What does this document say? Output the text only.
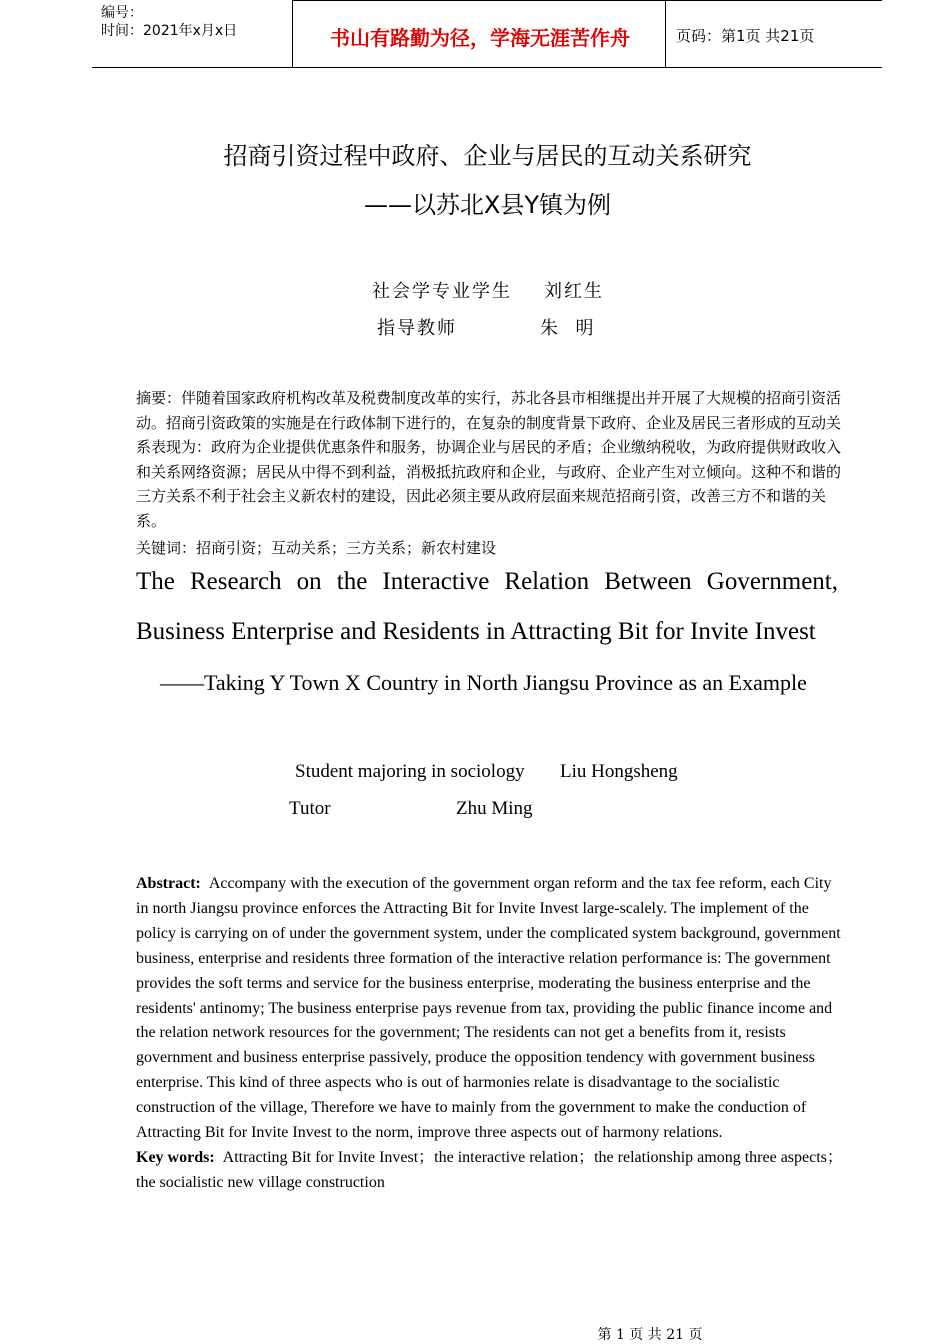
编号：
时间：2021年x月x日	书山有路勤为径，学海无涯苦作舟	页码：第1页 共21页
招商引资过程中政府、企业与居民的互动关系研究
——以苏北X县Y镇为例
社会学专业学生 刘红生
指导教师	朱  明
摘要：伴随着国家政府机构改革及税费制度改革的实行，苏北各县市相继提出并开展了大规模的招商引资活动。招商引资政策的实施是在行政体制下进行的，在复杂的制度背景下政府、企业及居民三者形成的互动关系表现为：政府为企业提供优惠条件和服务，协调企业与居民的矛盾；企业缴纳税收，为政府提供财政收入和关系网络资源；居民从中得不到利益，消极抵抗政府和企业，与政府、企业产生对立倾向。这种不和谐的三方关系不利于社会主义新农村的建设，因此必须主要从政府层面来规范招商引资，改善三方不和谐的关系。
关键词：招商引资；互动关系；三方关系；新农村建设
The Research on the Interactive Relation Between Government,
Business Enterprise and Residents in Attracting Bit for Invite Invest
——Taking Y Town X Country in North Jiangsu Province as an Example
Student majoring in sociology Liu Hongsheng
Tutor	Zhu Ming

Abstract: Accompany with the execution of the government organ reform and the tax fee reform, each City in north Jiangsu province enforces the Attracting Bit for Invite Invest large-scalely. The implement of the policy is carrying on of under the government system, under the complicated system background, government business, enterprise and residents three formation of the interactive relation performance is: The government provides the soft terms and service for the business enterprise, moderating the business enterprise and the residents' antinomy; The business enterprise pays revenue from tax, providing the public finance income and the relation network resources for the government; The residents can not get a benefits from it, resists government and business enterprise passively, produce the opposition tendency with government business enterprise. This kind of three aspects who is out of harmonies relate is disadvantage to the socialistic construction of the village, Therefore we have to mainly from the government to make the conduction of Attracting Bit for Invite Invest to the norm, improve three aspects out of harmony relations.

Key words: Attracting Bit for Invite Invest；the interactive relation；the relationship among three aspects；the socialistic new village construction

第 1 页 共 21 页
